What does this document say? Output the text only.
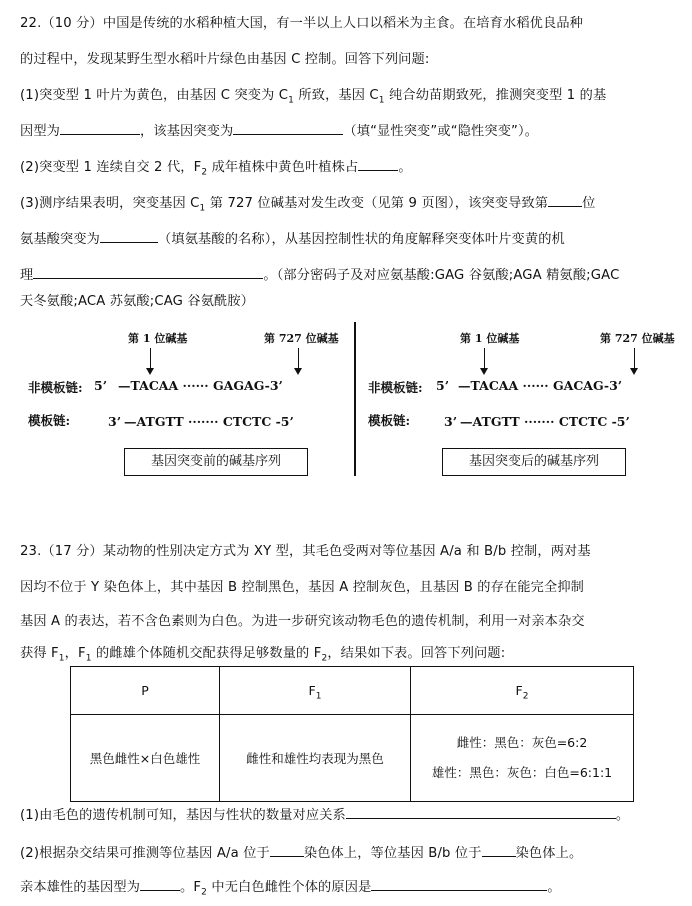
22.（10 分）中国是传统的水稻种植大国，有一半以上人口以稻米为主食。在培育水稻优良品种
的过程中，发现某野生型水稻叶片绿色由基因 C 控制。回答下列问题:
(1)突变型 1 叶片为黄色，由基因 C 突变为 $C_1$ 所致，基因 $C_1$ 纯合幼苗期致死，推测突变型 1 的基
因型为	，该基因突变为	（填“显性突变”或“隐性突变”）。
(2)突变型 1 连续自交 2 代，$F_2$ 成年植株中黄色叶植株占	。
(3)测序结果表明，突变基因 $C_1$ 第 727 位碱基对发生改变（见第 9 页图），该突变导致第	位
氨基酸突变为	（填氨基酸的名称），从基因控制性状的角度解释突变体叶片变黄的机
理	。（部分密码子及对应氨基酸:GAG 谷氨酸;AGA 精氨酸;GAC
天冬氨酸;ACA 苏氨酸;CAG 谷氨酰胺）
第 1 位碱基	第 727 位碱基
非模板链: 5’ —TACAA ······ GAGAG-3’
模板链:	3’ —ATGTT ······· CTCTC -5’
基因突变前的碱基序列
第 1 位碱基	第 727 位碱基
非模板链: 5’ —TACAA ······ GACAG-3’
模板链:	3’ —ATGTT ······· CTCTC -5’
基因突变后的碱基序列
23.（17 分）某动物的性别决定方式为 XY 型，其毛色受两对等位基因 A/a 和 B/b 控制，两对基
因均不位于 Y 染色体上，其中基因 B 控制黑色，基因 A 控制灰色，且基因 B 的存在能完全抑制
基因 A 的表达，若不含色素则为白色。为进一步研究该动物毛色的遗传机制，利用一对亲本杂交
获得 $F_1$，$F_1$ 的雌雄个体随机交配获得足够数量的 $F_2$，结果如下表。回答下列问题:
P	$F_1$	$F_2$
黑色雌性×白色雄性	雌性和雄性均表现为黑色	雌性：黑色：灰色=6:2
雄性：黑色：灰色：白色=6:1:1
(1)由毛色的遗传机制可知，基因与性状的数量对应关系	。
(2)根据杂交结果可推测等位基因 A/a 位于	染色体上，等位基因 B/b 位于	染色体上。
亲本雄性的基因型为	。$F_2$ 中无白色雌性个体的原因是	。
